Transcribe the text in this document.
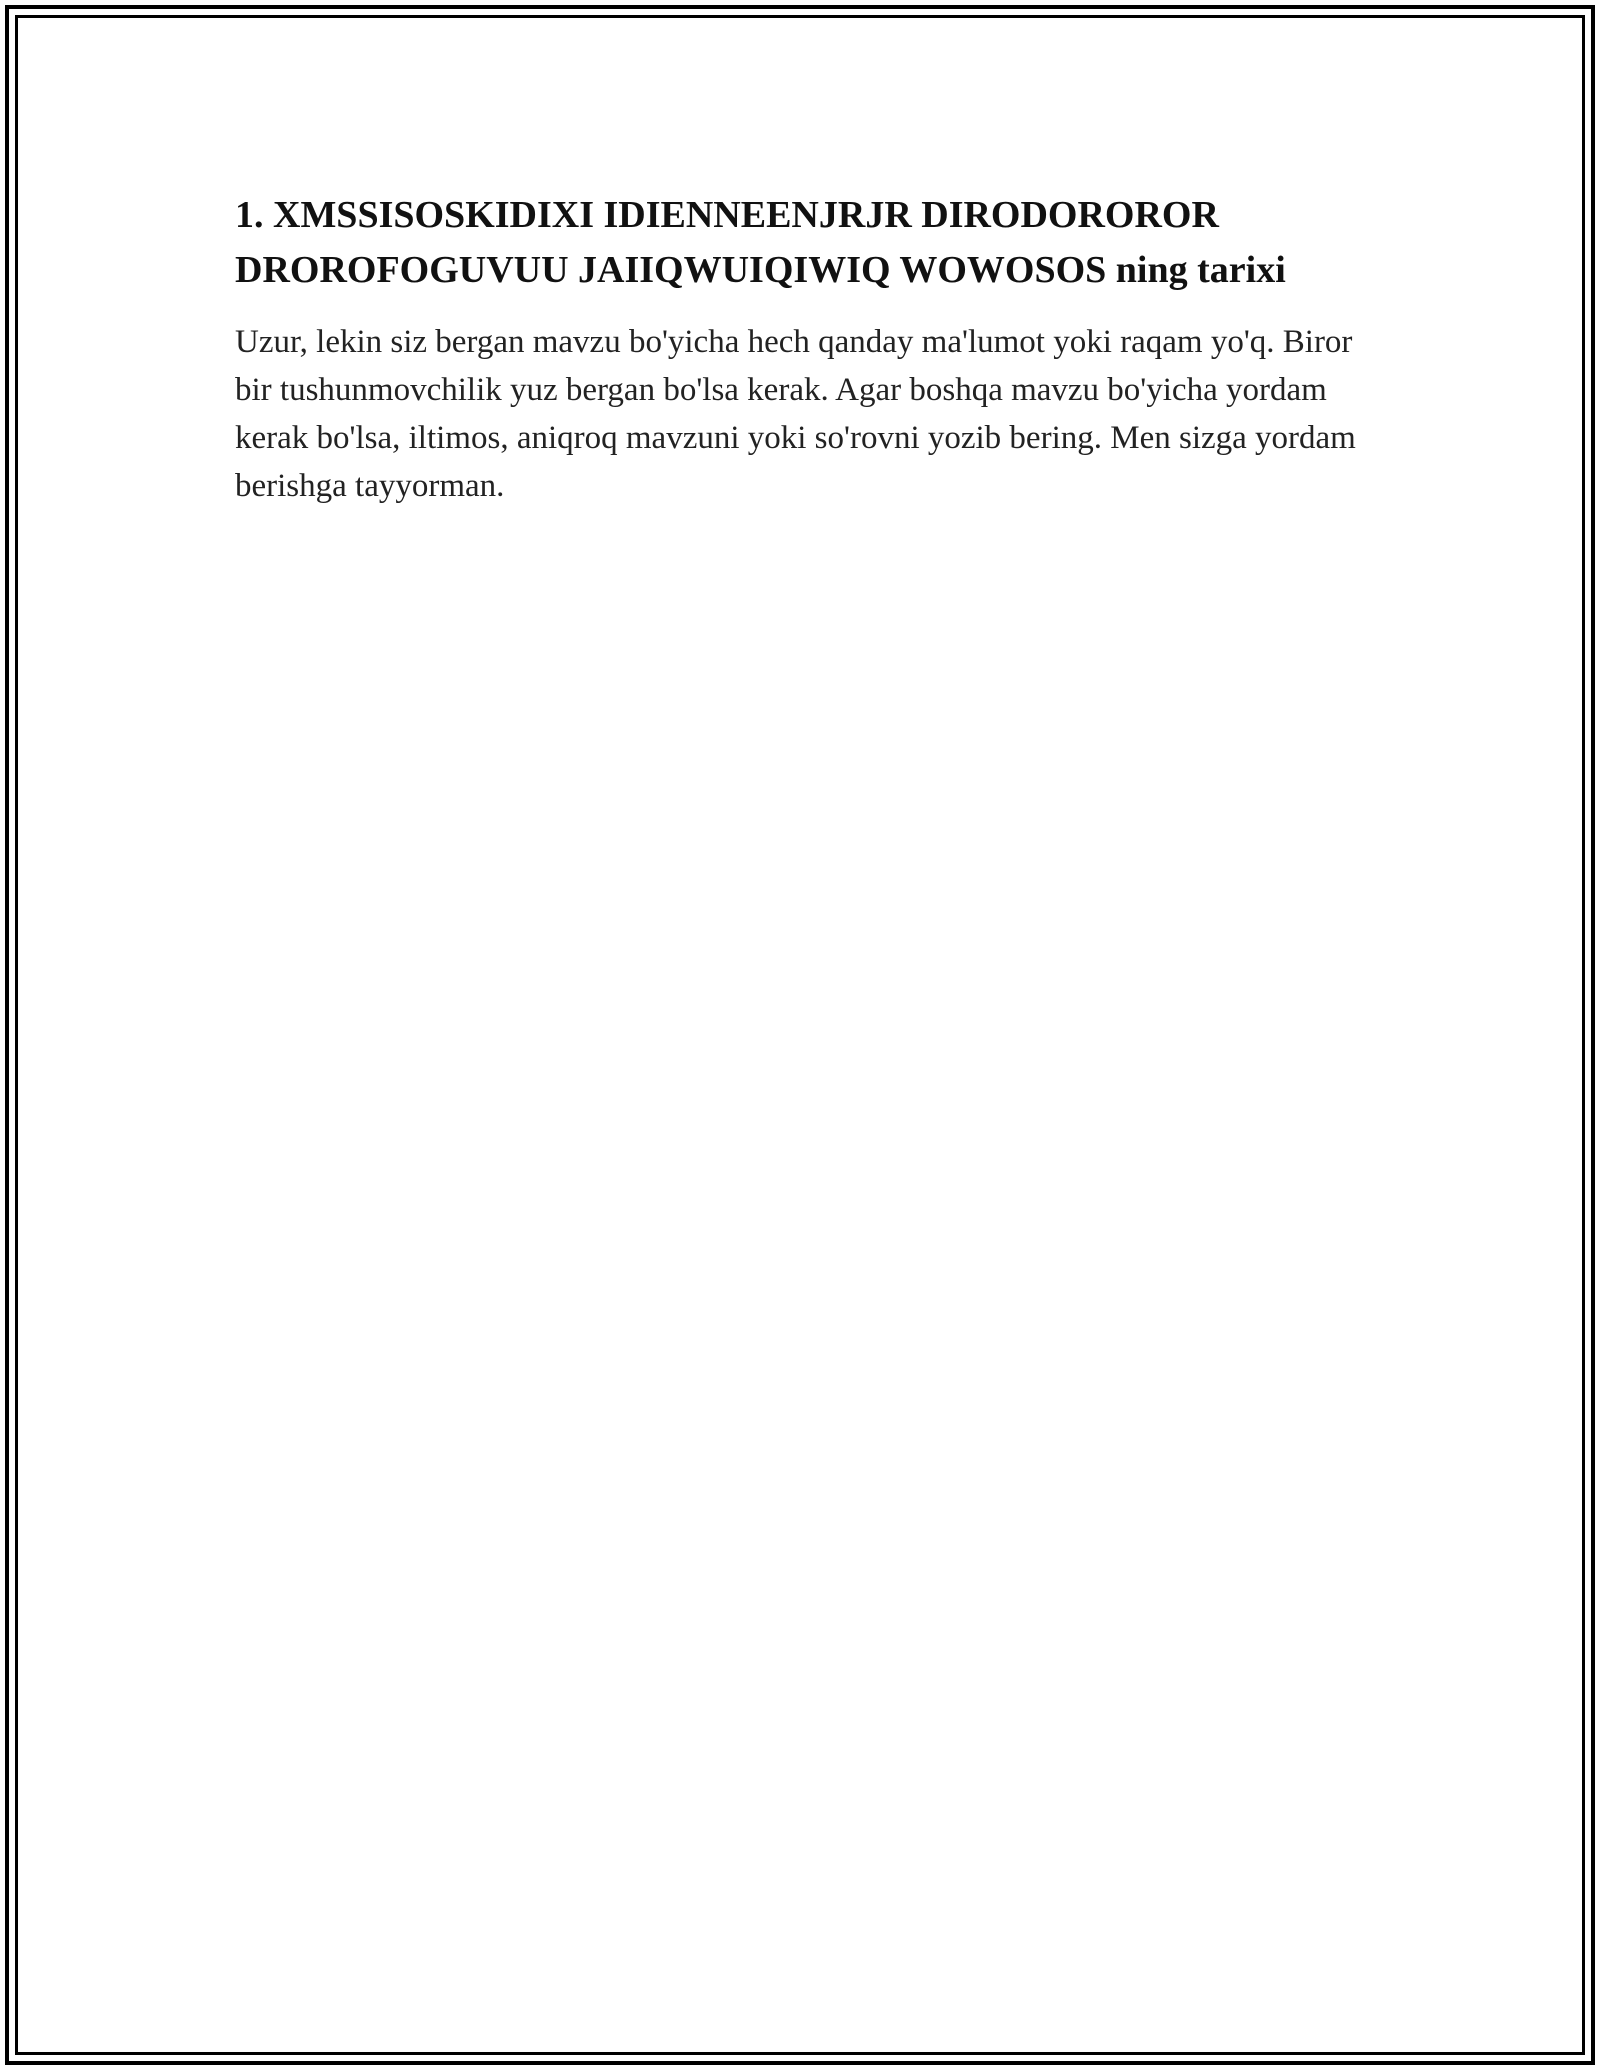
1. XMSSISOSKIDIXI IDIENNEENJRJR DIRODOROROR DROROFOGUVUU JAIIQWUIQIWIQ WOWOSOS ning tarixi

Uzur, lekin siz bergan mavzu bo'yicha hech qanday ma'lumot yoki raqam yo'q. Biror bir tushunmovchilik yuz bergan bo'lsa kerak. Agar boshqa mavzu bo'yicha yordam kerak bo'lsa, iltimos, aniqroq mavzuni yoki so'rovni yozib bering. Men sizga yordam berishga tayyorman.
